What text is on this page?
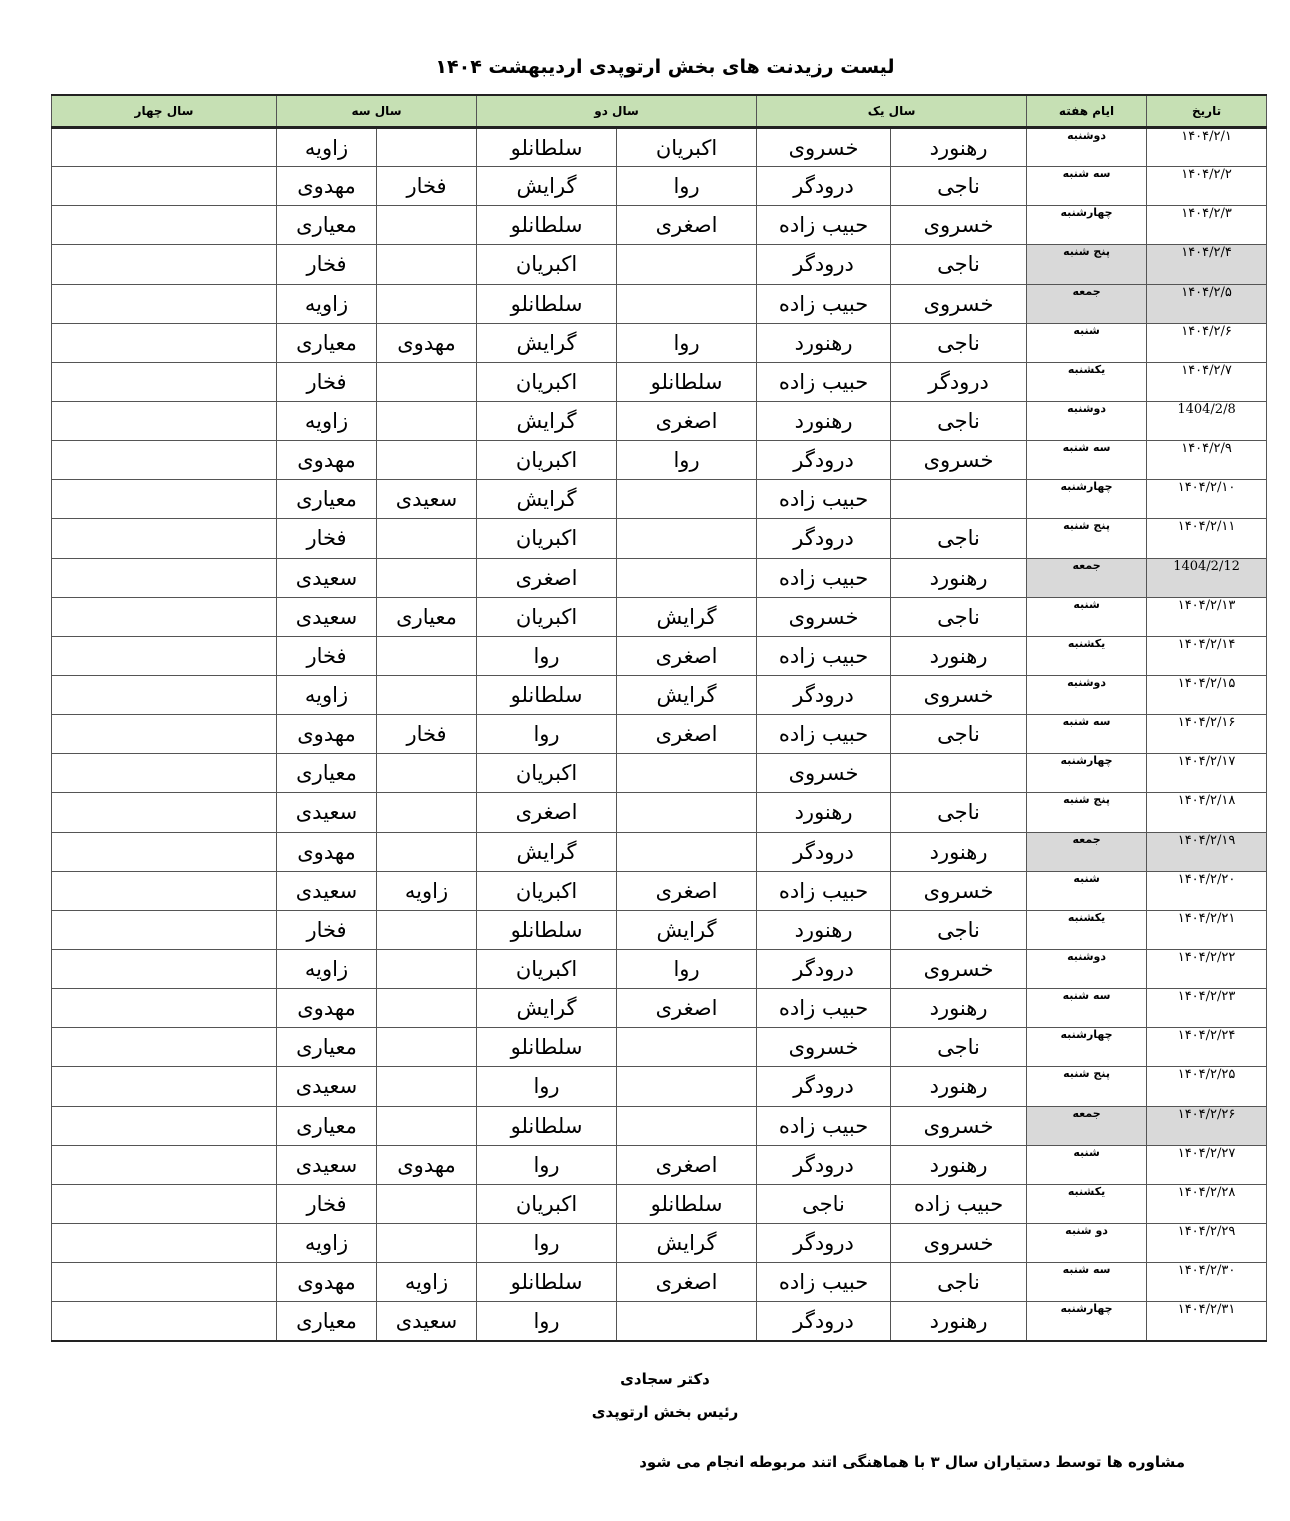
لیست رزیدنت های بخش ارتوپدی اردیبهشت ۱۴۰۴
تاریخ	ایام هفته	سال یک		سال دو		سال سه		سال چهار
۱۴۰۴/۲/۱	دوشنبه	رهنورد	خسروی	اکبریان	سلطانلو		زاویه	
۱۴۰۴/۲/۲	سه شنبه	ناجی	درودگر	روا	گرایش	فخار	مهدوی	
۱۴۰۴/۲/۳	چهارشنبه	خسروی	حبیب زاده	اصغری	سلطانلو		معیاری	
۱۴۰۴/۲/۴	پنج شنبه	ناجی	درودگر		اکبریان		فخار	
۱۴۰۴/۲/۵	جمعه	خسروی	حبیب زاده		سلطانلو		زاویه	
۱۴۰۴/۲/۶	شنبه	ناجی	رهنورد	روا	گرایش	مهدوی	معیاری	
۱۴۰۴/۲/۷	یکشنبه	درودگر	حبیب زاده	سلطانلو	اکبریان		فخار	
1404/2/8	دوشنبه	ناجی	رهنورد	اصغری	گرایش		زاویه	
۱۴۰۴/۲/۹	سه شنبه	خسروی	درودگر	روا	اکبریان		مهدوی	
۱۴۰۴/۲/۱۰	چهارشنبه		حبیب زاده		گرایش	سعیدی	معیاری	
۱۴۰۴/۲/۱۱	پنج شنبه	ناجی	درودگر		اکبریان		فخار	
1404/2/12	جمعه	رهنورد	حبیب زاده		اصغری		سعیدی	
۱۴۰۴/۲/۱۳	شنبه	ناجی	خسروی	گرایش	اکبریان	معیاری	سعیدی	
۱۴۰۴/۲/۱۴	یکشنبه	رهنورد	حبیب زاده	اصغری	روا		فخار	
۱۴۰۴/۲/۱۵	دوشنبه	خسروی	درودگر	گرایش	سلطانلو		زاویه	
۱۴۰۴/۲/۱۶	سه شنبه	ناجی	حبیب زاده	اصغری	روا	فخار	مهدوی	
۱۴۰۴/۲/۱۷	چهارشنبه		خسروی		اکبریان		معیاری	
۱۴۰۴/۲/۱۸	پنج شنبه	ناجی	رهنورد		اصغری		سعیدی	
۱۴۰۴/۲/۱۹	جمعه	رهنورد	درودگر		گرایش		مهدوی	
۱۴۰۴/۲/۲۰	شنبه	خسروی	حبیب زاده	اصغری	اکبریان	زاویه	سعیدی	
۱۴۰۴/۲/۲۱	یکشنبه	ناجی	رهنورد	گرایش	سلطانلو		فخار	
۱۴۰۴/۲/۲۲	دوشنبه	خسروی	درودگر	روا	اکبریان		زاویه	
۱۴۰۴/۲/۲۳	سه شنبه	رهنورد	حبیب زاده	اصغری	گرایش		مهدوی	
۱۴۰۴/۲/۲۴	چهارشنبه	ناجی	خسروی		سلطانلو		معیاری	
۱۴۰۴/۲/۲۵	پنج شنبه	رهنورد	درودگر		روا		سعیدی	
۱۴۰۴/۲/۲۶	جمعه	خسروی	حبیب زاده		سلطانلو		معیاری	
۱۴۰۴/۲/۲۷	شنبه	رهنورد	درودگر	اصغری	روا	مهدوی	سعیدی	
۱۴۰۴/۲/۲۸	یکشنبه	حبیب زاده	ناجی	سلطانلو	اکبریان		فخار	
۱۴۰۴/۲/۲۹	دو شنبه	خسروی	درودگر	گرایش	روا		زاویه	
۱۴۰۴/۲/۳۰	سه شنبه	ناجی	حبیب زاده	اصغری	سلطانلو	زاویه	مهدوی	
۱۴۰۴/۲/۳۱	چهارشنبه	رهنورد	درودگر		روا	سعیدی	معیاری	
دکتر سجادی
رئیس بخش ارتوپدی
مشاوره ها توسط دستیاران سال ۳ با هماهنگی اتند مربوطه انجام می شود
